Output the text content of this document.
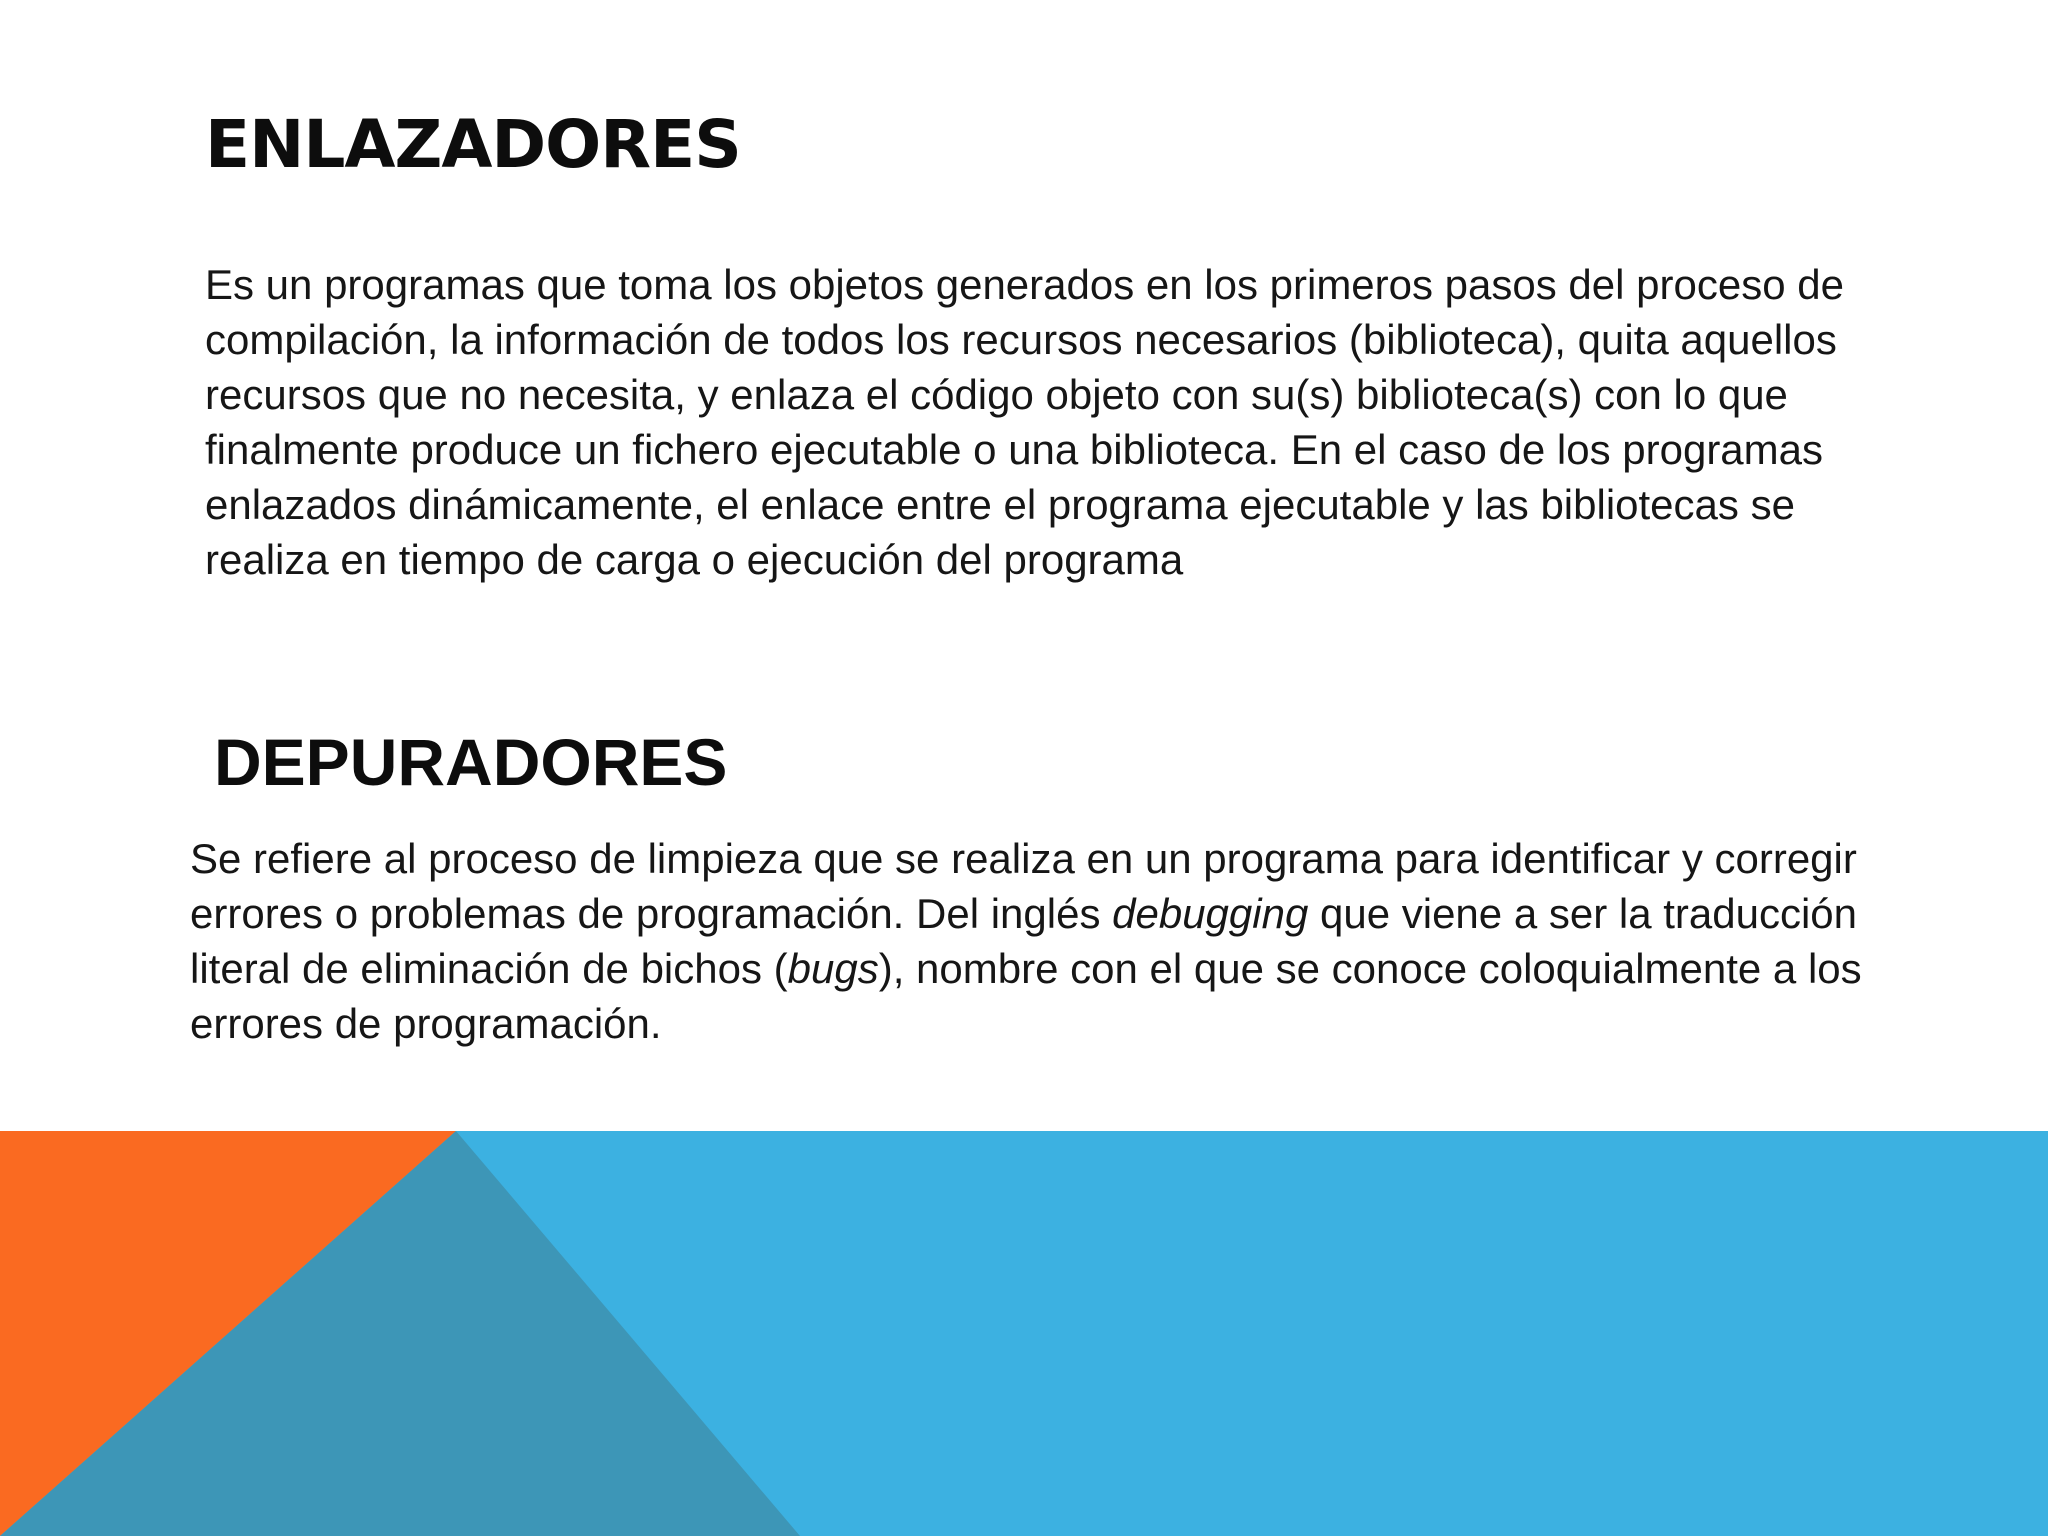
ENLAZADORES

Es un programas que toma los objetos generados en los primeros pasos del proceso de compilación, la información de todos los recursos necesarios (biblioteca), quita aquellos recursos que no necesita, y enlaza el código objeto con su(s) biblioteca(s) con lo que finalmente produce un fichero ejecutable o una biblioteca. En el caso de los programas enlazados dinámicamente, el enlace entre el programa ejecutable y las bibliotecas se realiza en tiempo de carga o ejecución del programa

DEPURADORES

Se refiere al proceso de limpieza que se realiza en un programa para identificar y corregir errores o problemas de programación. Del inglés debugging que viene a ser la traducción literal de eliminación de bichos (bugs), nombre con el que se conoce coloquialmente a los errores de programación.
